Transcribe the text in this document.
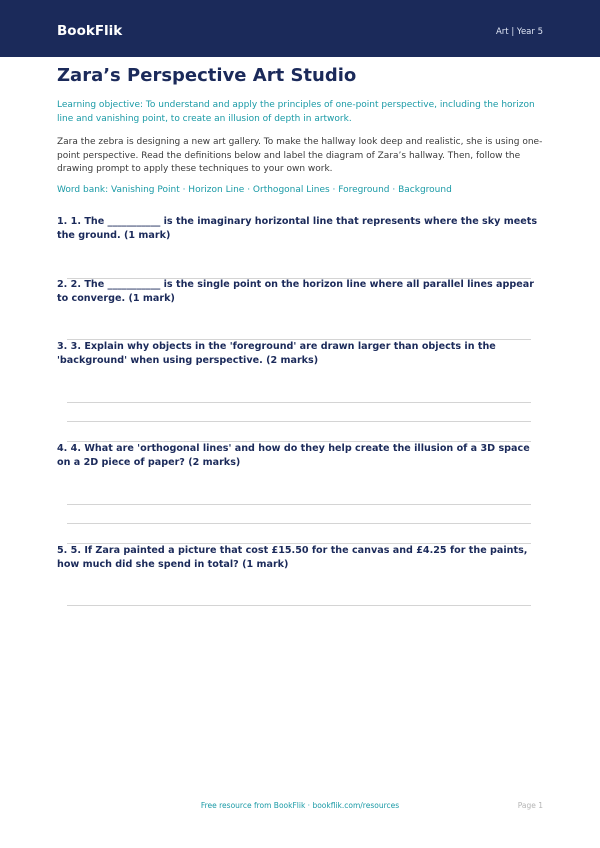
BookFlik	Art | Year 5
Zara’s Perspective Art Studio
Learning objective: To understand and apply the principles of one-point perspective, including the horizon line and vanishing point, to create an illusion of depth in artwork.
Zara the zebra is designing a new art gallery. To make the hallway look deep and realistic, she is using one-point perspective. Read the definitions below and label the diagram of Zara’s hallway. Then, follow the drawing prompt to apply these techniques to your own work.
Word bank: Vanishing Point · Horizon Line · Orthogonal Lines · Foreground · Background
1. 1. The ___________ is the imaginary horizontal line that represents where the sky meets the ground. (1 mark)
2. 2. The ___________ is the single point on the horizon line where all parallel lines appear to converge. (1 mark)
3. 3. Explain why objects in the 'foreground' are drawn larger than objects in the 'background' when using perspective. (2 marks)
4. 4. What are 'orthogonal lines' and how do they help create the illusion of a 3D space on a 2D piece of paper? (2 marks)
5. 5. If Zara painted a picture that cost £15.50 for the canvas and £4.25 for the paints, how much did she spend in total? (1 mark)
Free resource from BookFlik · bookflik.com/resources	Page 1
